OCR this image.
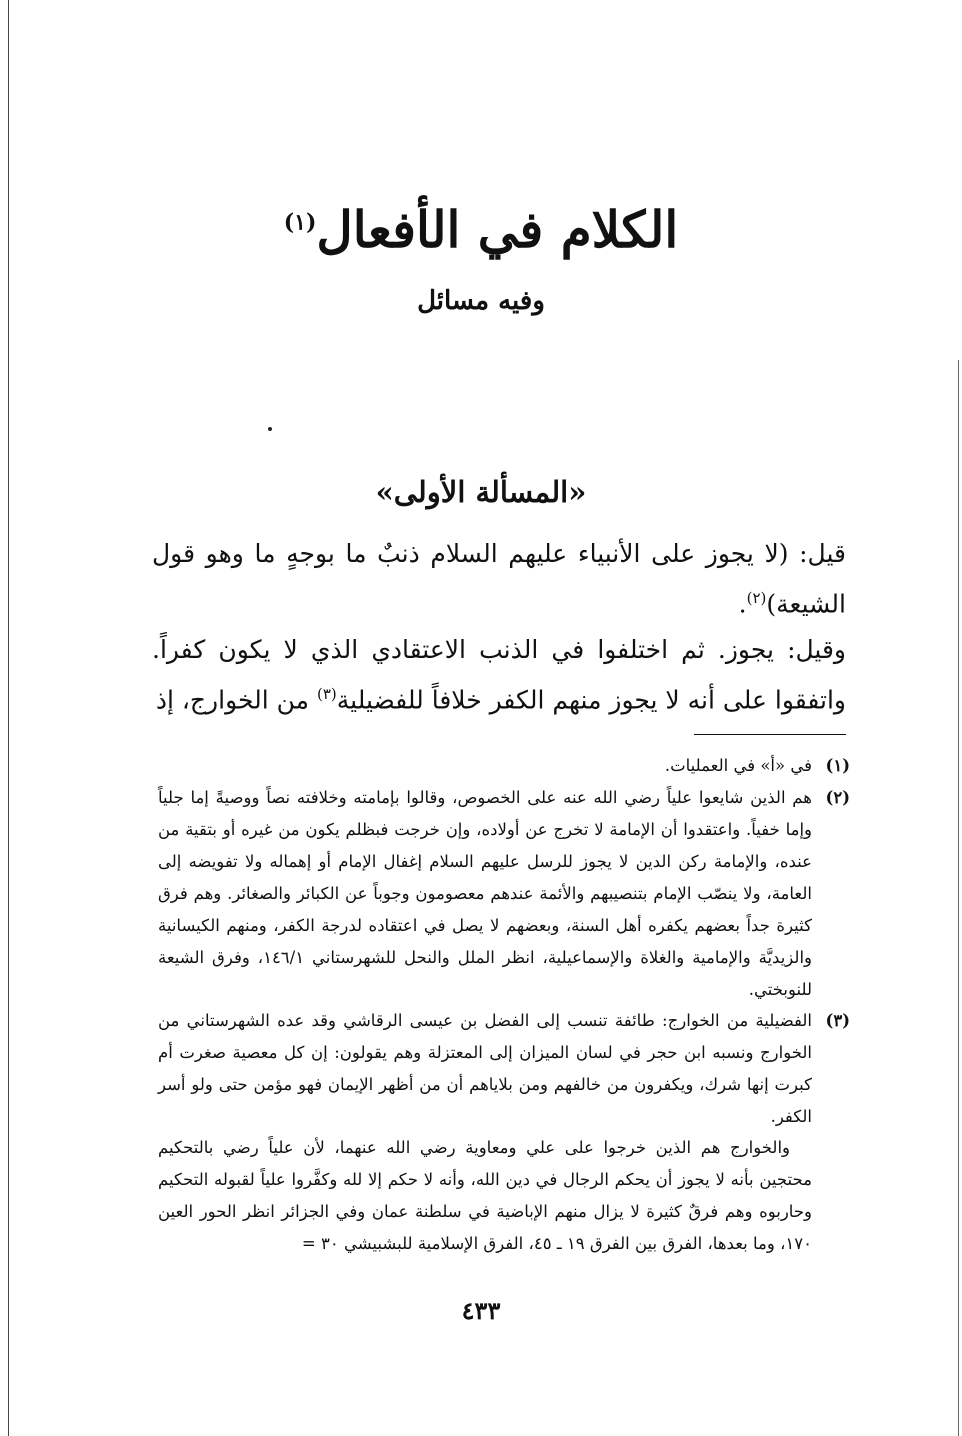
الكلام في الأفعال$^{(١)}$
وفيه مسائل
«المسألة الأولى»

قيل: (لا يجوز على الأنبياء عليهم السلام ذنبٌ ما بوجهٍ ما وهو قول الشيعة)$^{(٢)}$.

وقيل: يجوز. ثم اختلفوا في الذنب الاعتقادي الذي لا يكون كفراً. واتفقوا على أنه لا يجوز منهم الكفر خلافاً للفضيلية$^{(٣)}$ من الخوارج، إذ

(١)
في «أ» في العمليات.
(٢)
هم الذين شايعوا علياً رضي الله عنه على الخصوص، وقالوا بإمامته وخلافته نصاً ووصيةً إما جلياً وإما خفياً. واعتقدوا أن الإمامة لا تخرج عن أولاده، وإن خرجت فبظلم يكون من غيره أو بتقية من عنده، والإمامة ركن الدين لا يجوز للرسل عليهم السلام إغفال الإمام أو إهماله ولا تفويضه إلى العامة، ولا ينصّب الإمام بتنصيبهم والأئمة عندهم معصومون وجوباً عن الكبائر والصغائر. وهم فرق كثيرة جداً بعضهم يكفره أهل السنة، وبعضهم لا يصل في اعتقاده لدرجة الكفر، ومنهم الكيسانية والزيديَّة والإمامية والغلاة والإسماعيلية، انظر الملل والنحل للشهرستاني ١٤٦/١، وفرق الشيعة للنوبختي.
(٣)
الفضيلية من الخوارج: طائفة تنسب إلى الفضل بن عيسى الرقاشي وقد عده الشهرستاني من الخوارج ونسبه ابن حجر في لسان الميزان إلى المعتزلة وهم يقولون: إن كل معصية صغرت أم كبرت إنها شرك، ويكفرون من خالفهم ومن بلاياهم أن من أظهر الإيمان فهو مؤمن حتى ولو أسر الكفر.
والخوارج هم الذين خرجوا على علي ومعاوية رضي الله عنهما، لأن علياً رضي بالتحكيم محتجين بأنه لا يجوز أن يحكم الرجال في دين الله، وأنه لا حكم إلا لله وكفَّروا علياً لقبوله التحكيم وحاربوه وهم فرقٌ كثيرة لا يزال منهم الإباضية في سلطنة عمان وفي الجزائر انظر الحور العين ١٧٠، وما بعدها، الفرق بين الفرق ١٩ ـ ٤٥، الفرق الإسلامية للبشبيشي ٣٠ =
٤٣٣
